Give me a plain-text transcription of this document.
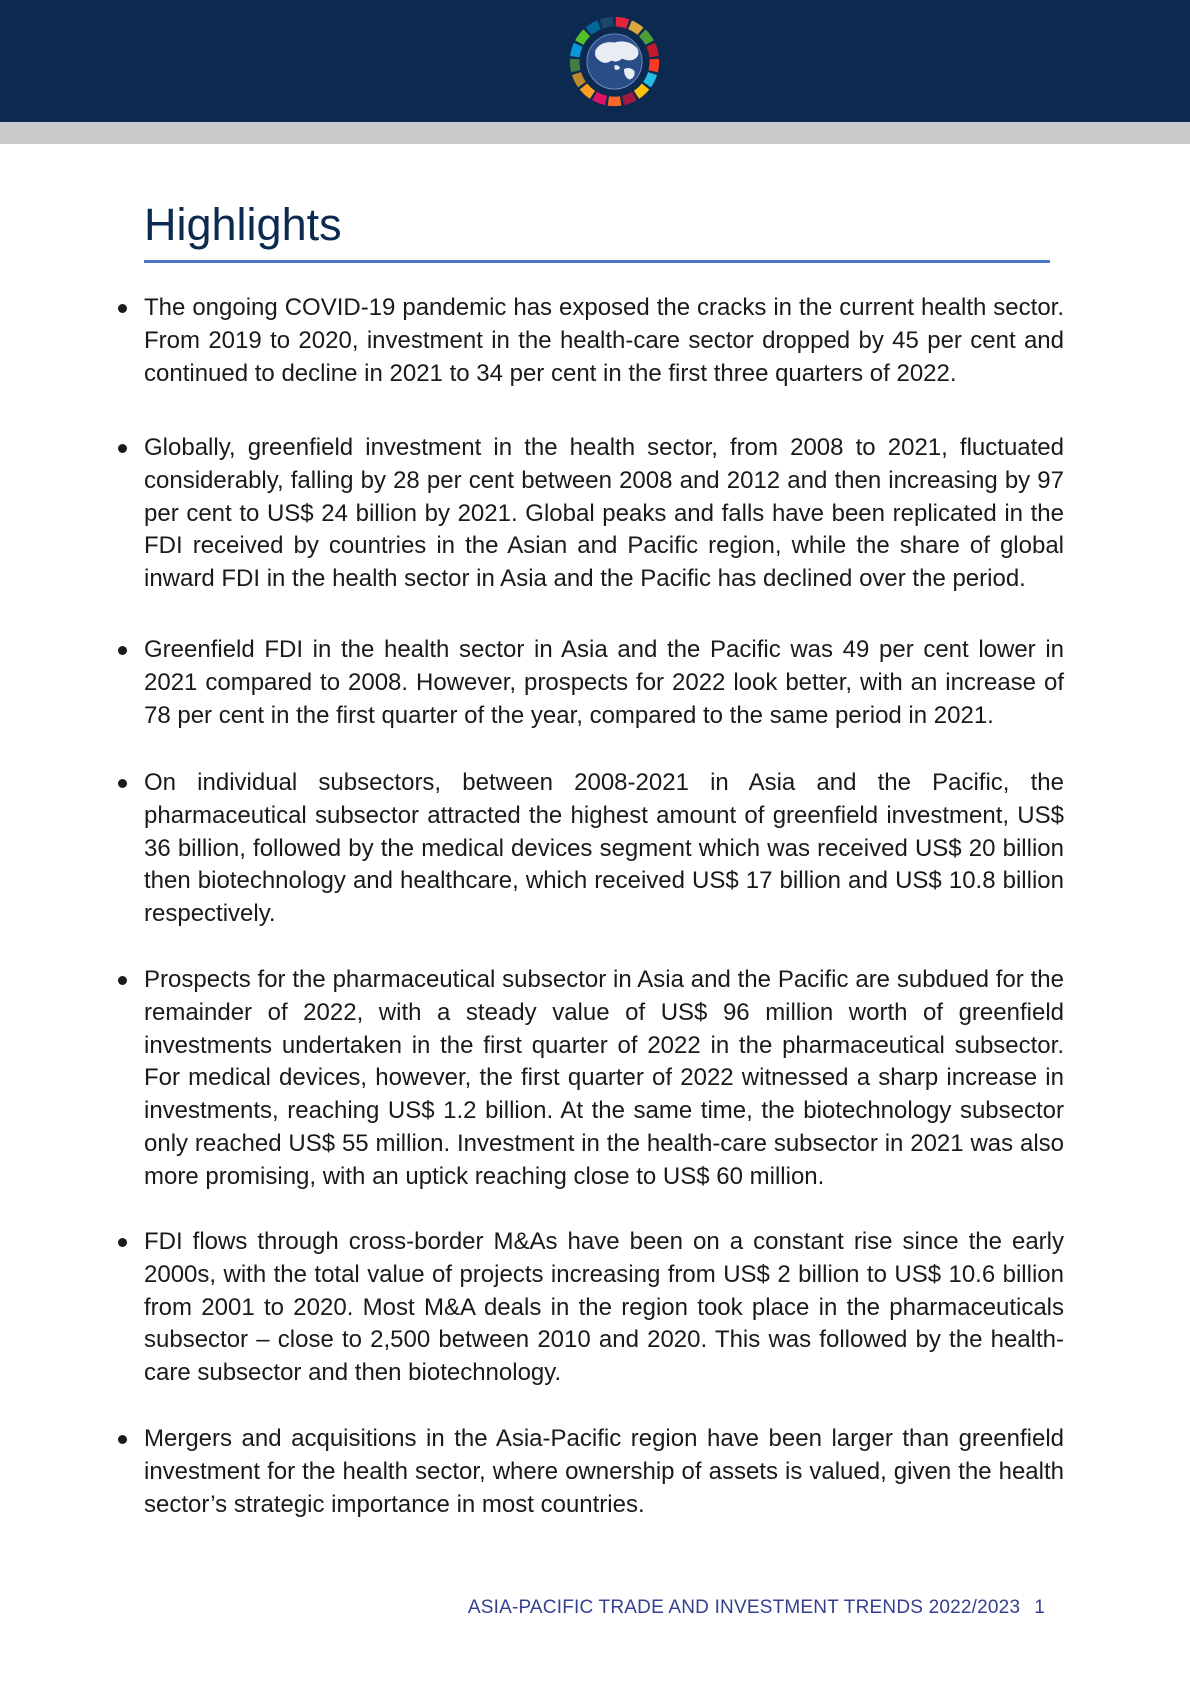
Highlights
The ongoing COVID-19 pandemic has exposed the cracks in the current health sector. From 2019 to 2020, investment in the health-care sector dropped by 45 per cent and continued to decline in 2021 to 34 per cent in the first three quarters of 2022.
Globally, greenfield investment in the health sector, from 2008 to 2021, fluctuated considerably, falling by 28 per cent between 2008 and 2012 and then increasing by 97 per cent to US$ 24 billion by 2021. Global peaks and falls have been replicated in the FDI received by countries in the Asian and Pacific region, while the share of global inward FDI in the health sector in Asia and the Pacific has declined over the period.
Greenfield FDI in the health sector in Asia and the Pacific was 49 per cent lower in 2021 compared to 2008. However, prospects for 2022 look better, with an increase of 78 per cent in the first quarter of the year, compared to the same period in 2021.
On individual subsectors, between 2008-2021 in Asia and the Pacific, the pharmaceutical subsector attracted the highest amount of greenfield investment, US$ 36 billion, followed by the medical devices segment which was received US$ 20 billion then biotechnology and healthcare, which received US$ 17 billion and US$ 10.8 billion respectively.
Prospects for the pharmaceutical subsector in Asia and the Pacific are subdued for the remainder of 2022, with a steady value of US$ 96 million worth of greenfield investments undertaken in the first quarter of 2022 in the pharmaceutical subsector. For medical devices, however, the first quarter of 2022 witnessed a sharp increase in investments, reaching US$ 1.2 billion. At the same time, the biotechnology subsector only reached US$ 55 million. Investment in the health-care subsector in 2021 was also more promising, with an uptick reaching close to US$ 60 million.
FDI flows through cross-border M&As have been on a constant rise since the early 2000s, with the total value of projects increasing from US$ 2 billion to US$ 10.6 billion from 2001 to 2020. Most M&A deals in the region took place in the pharmaceuticals subsector – close to 2,500 between 2010 and 2020. This was followed by the health-care subsector and then biotechnology.
Mergers and acquisitions in the Asia-Pacific region have been larger than greenfield investment for the health sector, where ownership of assets is valued, given the health sector’s strategic importance in most countries.
ASIA-PACIFIC TRADE AND INVESTMENT TRENDS 2022/2023 1
